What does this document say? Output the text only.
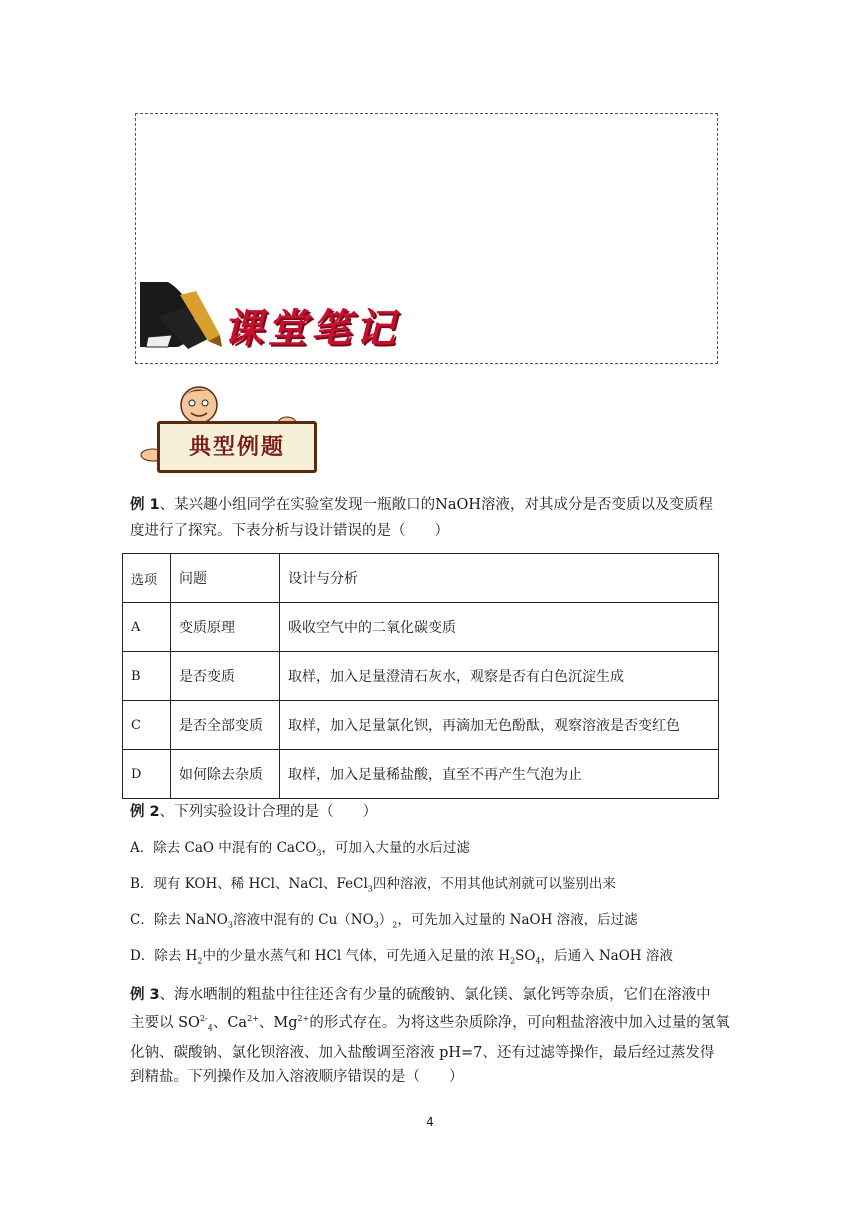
课堂笔记
典型例题
例 1、某兴趣小组同学在实验室发现一瓶敞口的NaOH溶液，对其成分是否变质以及变质程
度进行了探究。下表分析与设计错误的是（　　）
选项	问题	设计与分析
A	变质原理	吸收空气中的二氧化碳变质
B	是否变质	取样，加入足量澄清石灰水，观察是否有白色沉淀生成
C	是否全部变质	取样，加入足量氯化钡，再滴加无色酚酞，观察溶液是否变红色
D	如何除去杂质	取样，加入足量稀盐酸，直至不再产生气泡为止
例 2、下列实验设计合理的是（　　）
A．除去 CaO 中混有的 CaCO$_3$，可加入大量的水后过滤
B．现有 KOH、稀 HCl、NaCl、FeCl$_3$四种溶液，不用其他试剂就可以鉴别出来
C．除去 NaNO$_3$溶液中混有的 $Cu(NO_3)_2$，可先加入过量的 NaOH 溶液，后过滤
D．除去 $H_2$中的少量水蒸气和 HCl 气体，可先通入足量的浓 $H_2SO_4$，后通入 NaOH 溶液
例 3、海水晒制的粗盐中往往还含有少量的硫酸钠、氯化镁、氯化钙等杂质，它们在溶液中
主要以 $SO^{2-}_4$、$Ca^{2+}$、$Mg^{2+}$的形式存在。为将这些杂质除净，可向粗盐溶液中加入过量的氢氧
化钠、碳酸钠、氯化钡溶液、加入盐酸调至溶液 pH=7、还有过滤等操作，最后经过蒸发得
到精盐。下列操作及加入溶液顺序错误的是（　　）
4
